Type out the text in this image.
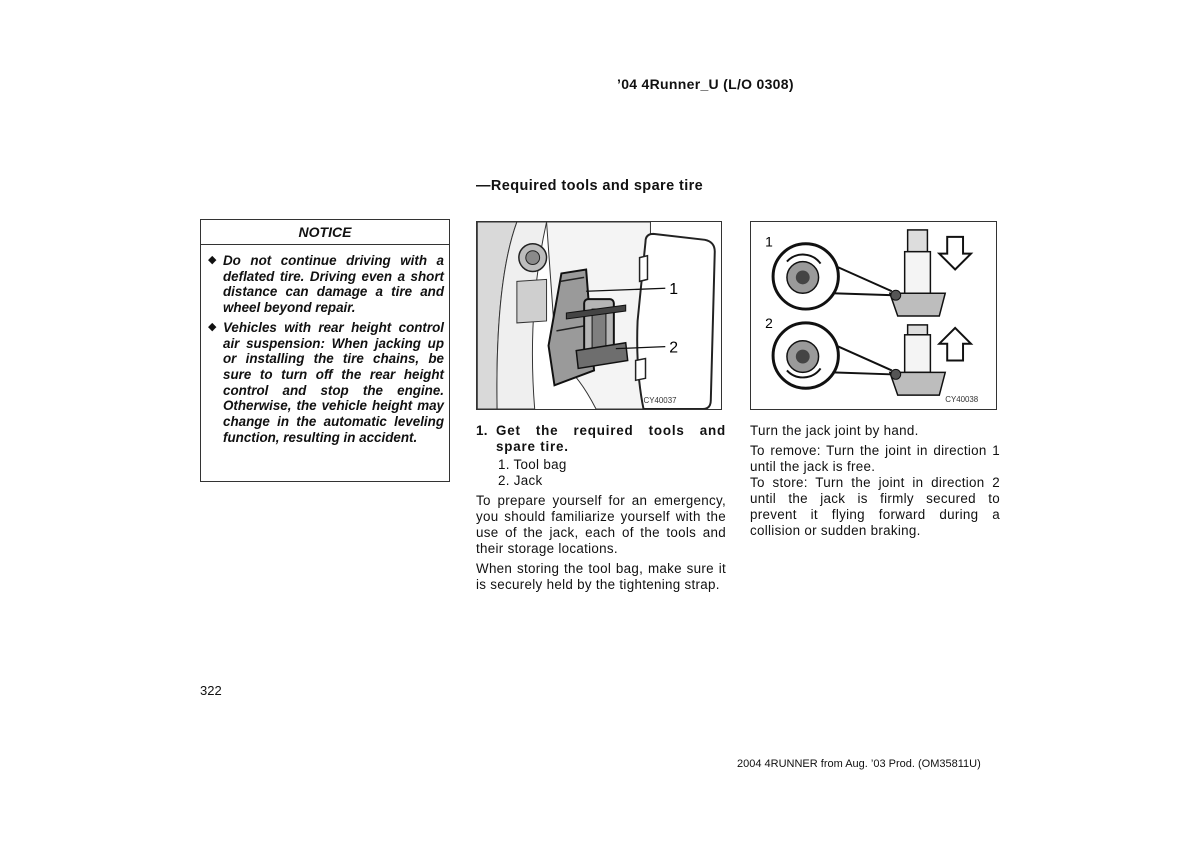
’04 4Runner_U (L/O 0308)
NOTICE
◆ Do not continue driving with a deflated tire. Driving even a short distance can damage a tire and wheel beyond repair.
◆ Vehicles with rear height control air suspension: When jacking up or installing the tire chains, be sure to turn off the rear height control and stop the engine. Otherwise, the vehicle height may change in the automatic leveling function, resulting in accident.
—Required tools and spare tire
1
2
CY40037
1
2
CY40038
1. Get the required tools and spare tire.
1. Tool bag
2. Jack

To prepare yourself for an emergency, you should familiarize yourself with the use of the jack, each of the tools and their storage locations.

When storing the tool bag, make sure it is securely held by the tightening strap.

Turn the jack joint by hand.

To remove: Turn the joint in direction 1 until the jack is free.

To store: Turn the joint in direction 2 until the jack is firmly secured to prevent it flying forward during a collision or sudden braking.

322
2004 4RUNNER from Aug. ’03 Prod. (OM35811U)
